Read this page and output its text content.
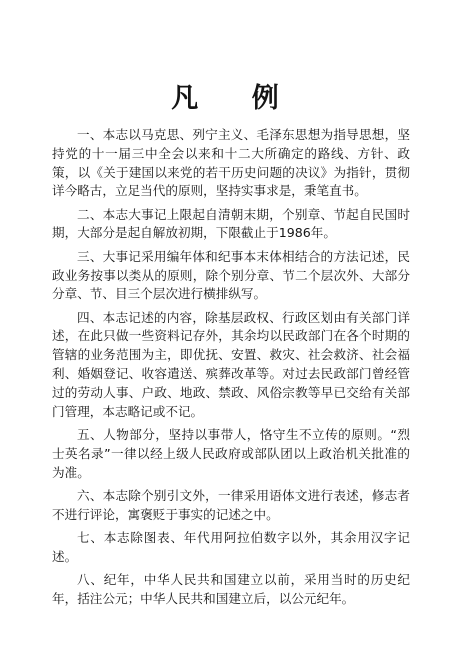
凡 例

一、本志以马克思、列宁主义、毛泽东思想为指导思想，坚持党的十一届三中全会以来和十二大所确定的路线、方针、政策，以《关于建国以来党的若干历史问题的决议》为指针，贯彻详今略古，立足当代的原则，坚持实事求是，秉笔直书。

二、本志大事记上限起自清朝末期，个别章、节起自民国时期，大部分是起自解放初期，下限截止于1986年。

三、大事记采用编年体和纪事本末体相结合的方法记述，民政业务按事以类从的原则，除个别分章、节二个层次外、大部分分章、节、目三个层次进行横排纵写。

四、本志记述的内容，除基层政权、行政区划由有关部门详述，在此只做一些资料记存外，其余均以民政部门在各个时期的管辖的业务范围为主，即优抚、安置、救灾、社会救济、社会福利、婚姻登记、收容遣送、殡葬改革等。对过去民政部门曾经管过的劳动人事、户政、地政、禁政、风俗宗教等早已交给有关部门管理，本志略记或不记。

五、人物部分，坚持以事带人，恪守生不立传的原则。“烈士英名录”一律以经上级人民政府或部队团以上政治机关批准的为准。

六、本志除个别引文外，一律采用语体文进行表述，修志者不进行评论，寓褒贬于事实的记述之中。

七、本志除图表、年代用阿拉伯数字以外，其余用汉字记述。

八、纪年，中华人民共和国建立以前，采用当时的历史纪年，括注公元；中华人民共和国建立后，以公元纪年。
